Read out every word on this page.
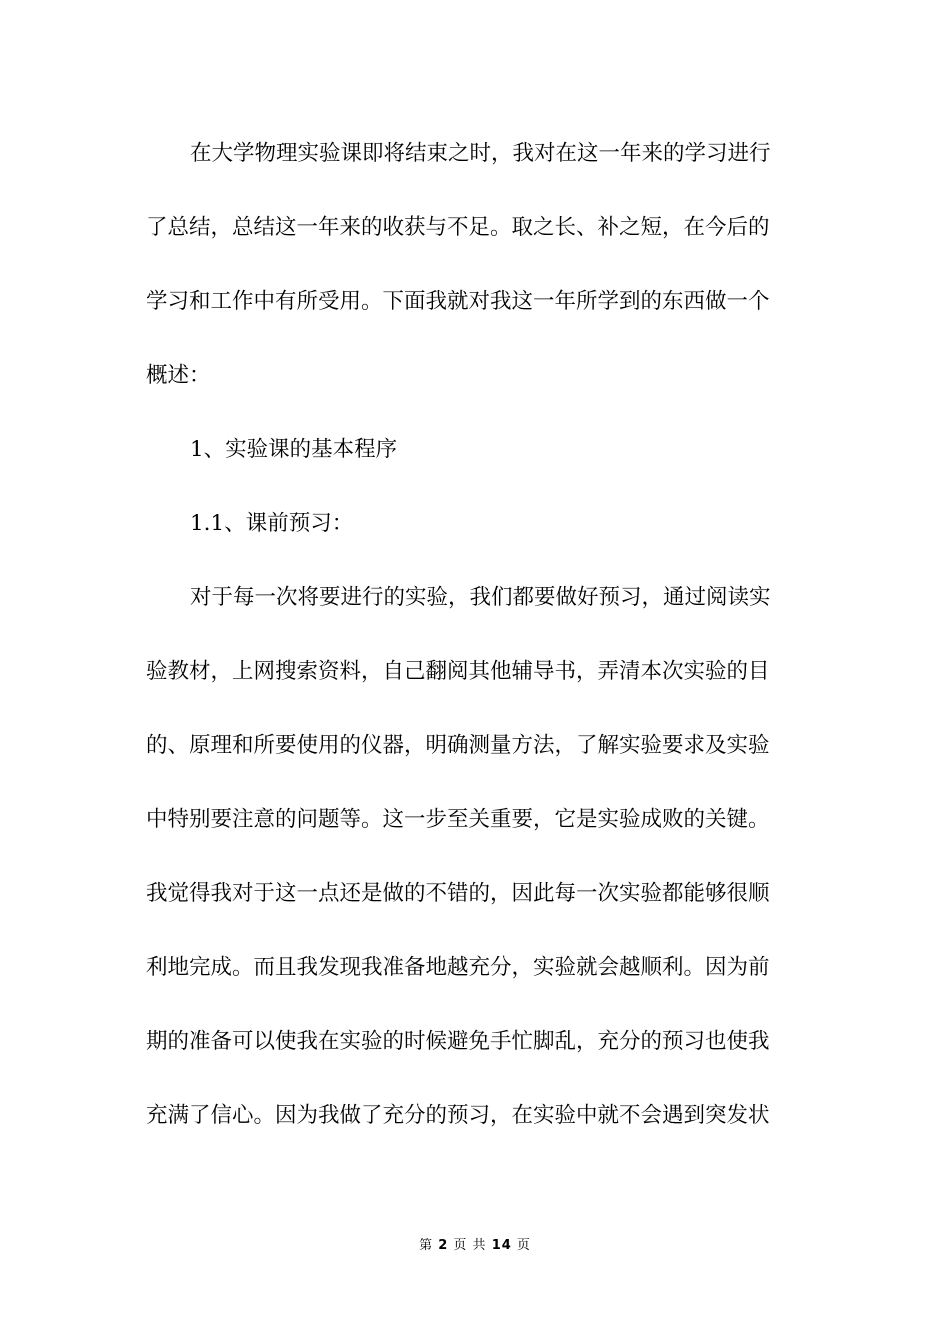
在大学物理实验课即将结束之时，我对在这一年来的学习进行
了总结，总结这一年来的收获与不足。取之长、补之短，在今后的
学习和工作中有所受用。下面我就对我这一年所学到的东西做一个
概述：
1、实验课的基本程序
1.1、课前预习：
对于每一次将要进行的实验，我们都要做好预习，通过阅读实
验教材，上网搜索资料，自己翻阅其他辅导书，弄清本次实验的目
的、原理和所要使用的仪器，明确测量方法，了解实验要求及实验
中特别要注意的问题等。这一步至关重要，它是实验成败的关键。
我觉得我对于这一点还是做的不错的，因此每一次实验都能够很顺
利地完成。而且我发现我准备地越充分，实验就会越顺利。因为前
期的准备可以使我在实验的时候避免手忙脚乱，充分的预习也使我
充满了信心。因为我做了充分的预习，在实验中就不会遇到突发状
第 2 页 共 14 页
